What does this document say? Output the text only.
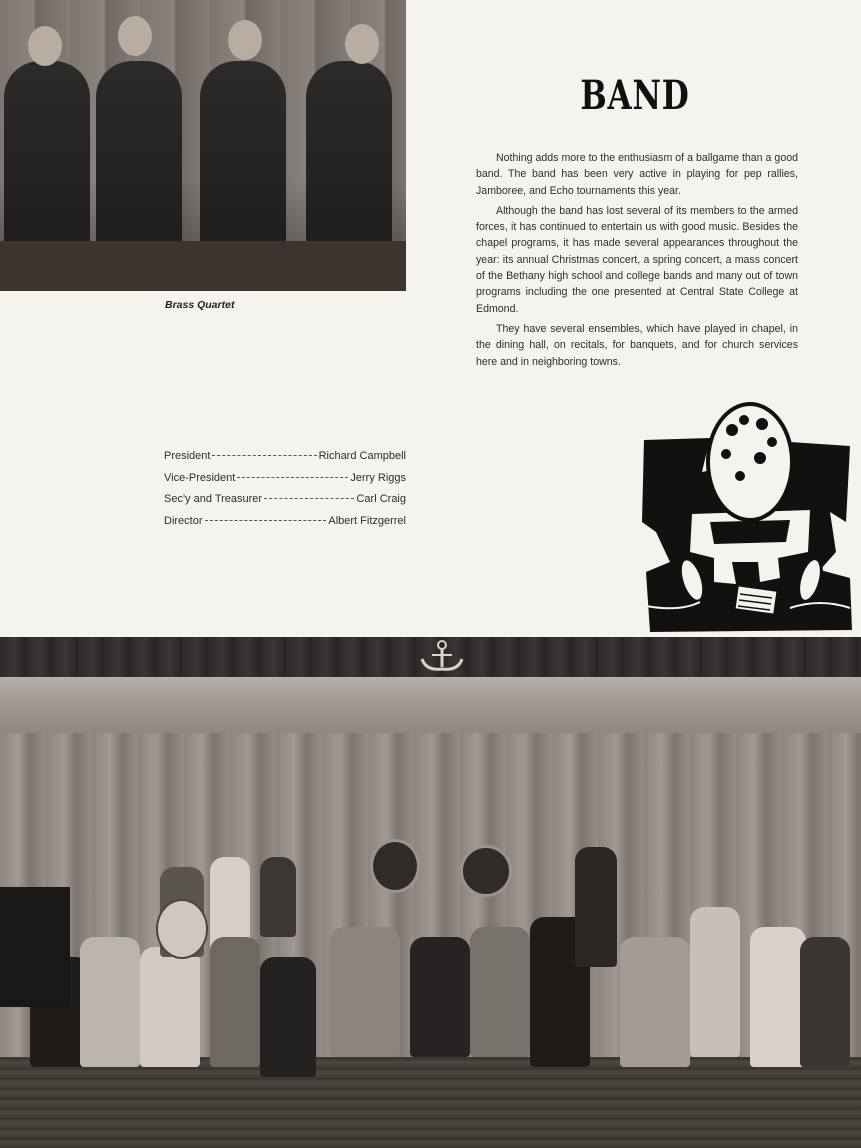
Brass Quartet
BAND

Nothing adds more to the enthusiasm of a ballgame than a good band. The band has been very active in playing for pep rallies, Jamboree, and Echo tournaments this year.

Although the band has lost several of its members to the armed forces, it has continued to entertain us with good music. Besides the chapel programs, it has made several appearances throughout the year: its annual Christmas concert, a spring concert, a mass concert of the Bethany high school and college bands and many out of town programs including the one presented at Central State College at Edmond.

They have several ensembles, which have played in chapel, in the dining hall, on recitals, for banquets, and for church services here and in neighboring towns.

President	Richard Campbell
Vice-President	Jerry Riggs
Sec'y and Treasurer	Carl Craig
Director	Albert Fitzgerrel
